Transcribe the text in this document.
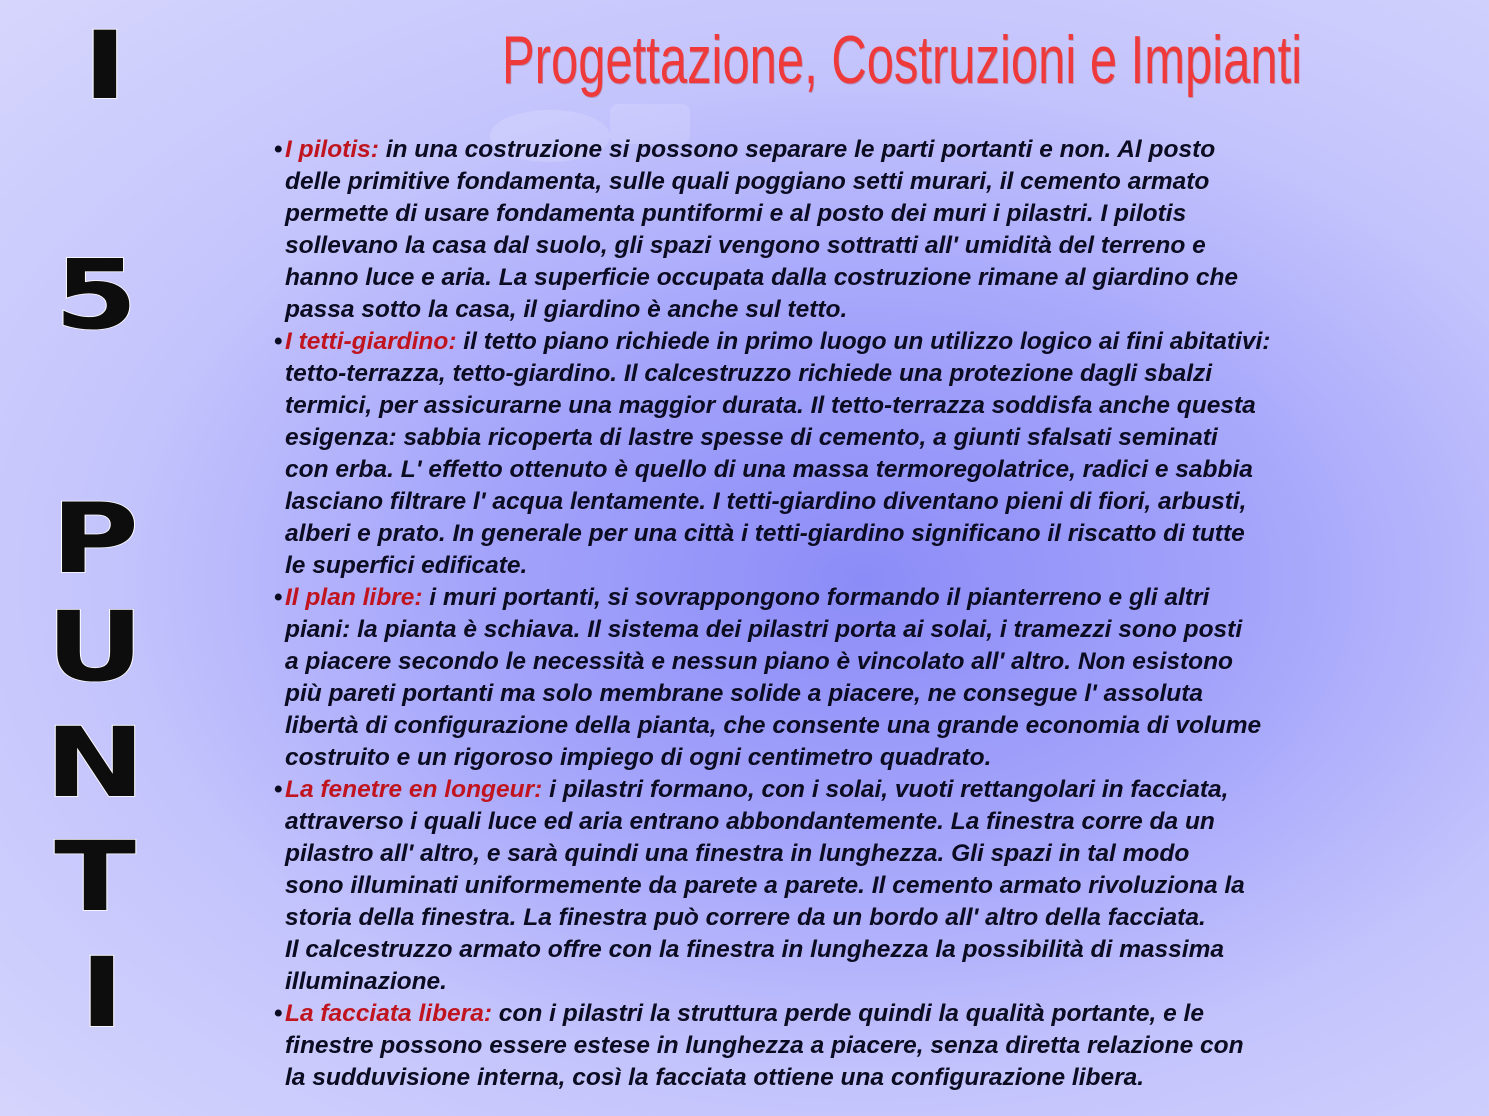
I
5
P
U
N
T
I
Progettazione, Costruzioni e Impianti
• I pilotis: in una costruzione si possono separare le parti portanti e non. Al posto
delle primitive fondamenta, sulle quali poggiano setti murari, il cemento armato
permette di usare fondamenta puntiformi e al posto dei muri i pilastri. I pilotis
sollevano la casa dal suolo, gli spazi vengono sottratti all' umidità del terreno e
hanno luce e aria. La superficie occupata dalla costruzione rimane al giardino che
passa sotto la casa, il giardino è anche sul tetto.
• I tetti-giardino: il tetto piano richiede in primo luogo un utilizzo logico ai fini abitativi:
tetto-terrazza, tetto-giardino. Il calcestruzzo richiede una protezione dagli sbalzi
termici, per assicurarne una maggior durata. Il tetto-terrazza soddisfa anche questa
esigenza: sabbia ricoperta di lastre spesse di cemento, a giunti sfalsati seminati
con erba. L' effetto ottenuto è quello di una massa termoregolatrice, radici e sabbia
lasciano filtrare l' acqua lentamente. I tetti-giardino diventano pieni di fiori, arbusti,
alberi e prato. In generale per una città i tetti-giardino significano il riscatto di tutte
le superfici edificate.
• Il plan libre: i muri portanti, si sovrappongono formando il pianterreno e gli altri
piani: la pianta è schiava. Il sistema dei pilastri porta ai solai, i tramezzi sono posti
a piacere secondo le necessità e nessun piano è vincolato all' altro. Non esistono
più pareti portanti ma solo membrane solide a piacere, ne consegue l' assoluta
libertà di configurazione della pianta, che consente una grande economia di volume
costruito e un rigoroso impiego di ogni centimetro quadrato.
• La fenetre en longeur: i pilastri formano, con i solai, vuoti rettangolari in facciata,
attraverso i quali luce ed aria entrano abbondantemente. La finestra corre da un
pilastro all' altro, e sarà quindi una finestra in lunghezza. Gli spazi in tal modo
sono illuminati uniformemente da parete a parete. Il cemento armato rivoluziona la
storia della finestra. La finestra può correre da un bordo all' altro della facciata.
Il calcestruzzo armato offre con la finestra in lunghezza la possibilità di massima
illuminazione.
• La facciata libera: con i pilastri la struttura perde quindi la qualità portante, e le
finestre possono essere estese in lunghezza a piacere, senza diretta relazione con
la sudduvisione interna, così la facciata ottiene una configurazione libera.
